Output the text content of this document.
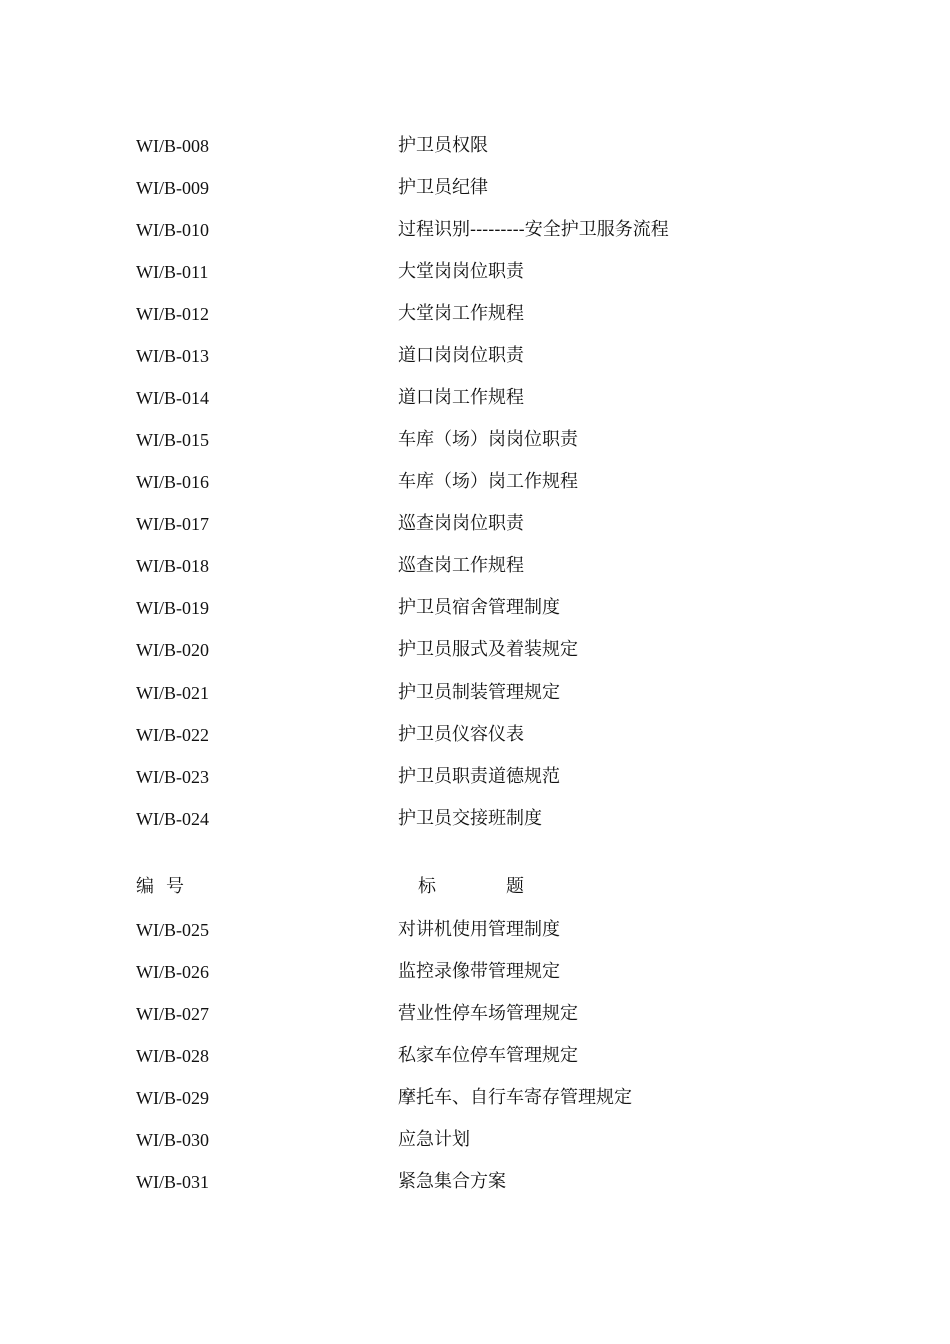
WI/B-008	护卫员权限
WI/B-009	护卫员纪律
WI/B-010	过程识别---------安全护卫服务流程
WI/B-011	大堂岗岗位职责
WI/B-012	大堂岗工作规程
WI/B-013	道口岗岗位职责
WI/B-014	道口岗工作规程
WI/B-015	车库（场）岗岗位职责
WI/B-016	车库（场）岗工作规程
WI/B-017	巡查岗岗位职责
WI/B-018	巡查岗工作规程
WI/B-019	护卫员宿舍管理制度
WI/B-020	护卫员服式及着装规定
WI/B-021	护卫员制装管理规定
WI/B-022	护卫员仪容仪表
WI/B-023	护卫员职责道德规范
WI/B-024	护卫员交接班制度
编号	标题
WI/B-025	对讲机使用管理制度
WI/B-026	监控录像带管理规定
WI/B-027	营业性停车场管理规定
WI/B-028	私家车位停车管理规定
WI/B-029	摩托车、自行车寄存管理规定
WI/B-030	应急计划
WI/B-031	紧急集合方案
